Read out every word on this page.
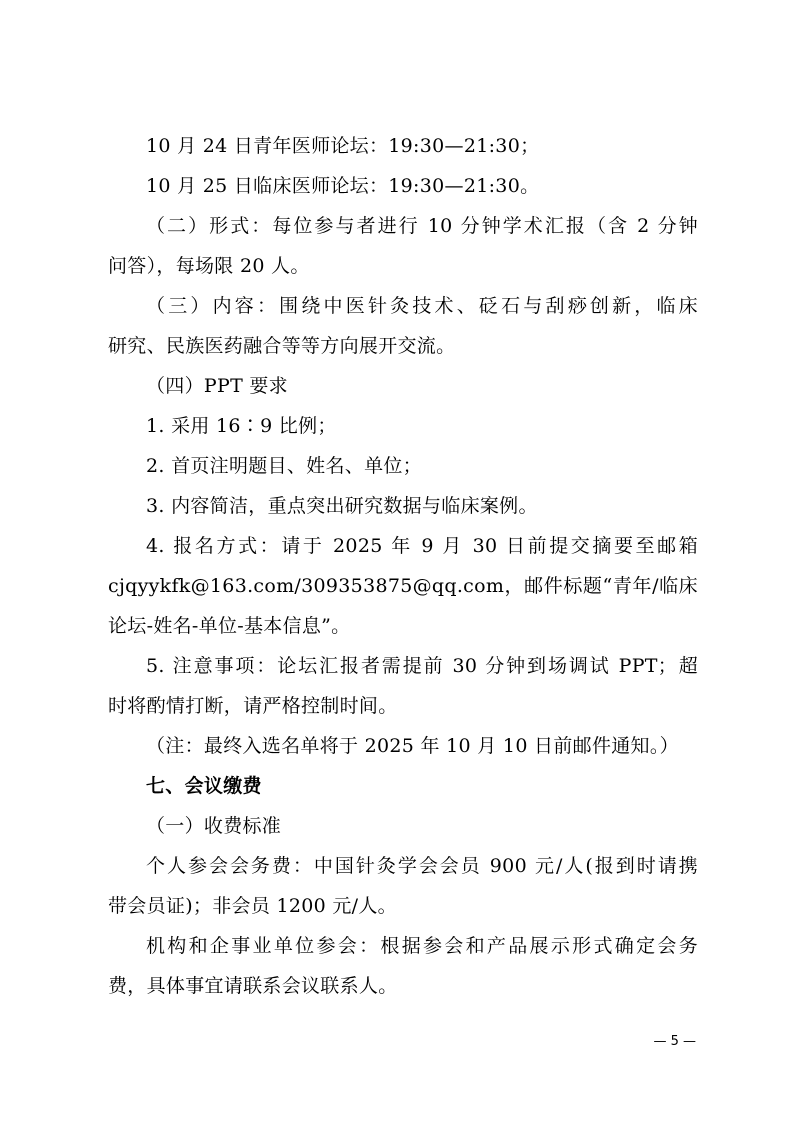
10 月 24 日青年医师论坛：19:30—21:30；
10 月 25 日临床医师论坛：19:30—21:30。
（二）形式：每位参与者进行 10 分钟学术汇报（含 2 分钟
问答），每场限 20 人。
（三）内容：围绕中医针灸技术、砭石与刮痧创新，临床
研究、民族医药融合等等方向展开交流。
（四）PPT 要求
1. 采用 16∶9 比例；
2. 首页注明题目、姓名、单位；
3. 内容简洁，重点突出研究数据与临床案例。
4. 报名方式：请于 2025 年 9 月 30 日前提交摘要至邮箱
cjqyykfk@163.com/309353875@qq.com，邮件标题“青年/临床
论坛-姓名-单位-基本信息”。
5. 注意事项：论坛汇报者需提前 30 分钟到场调试 PPT；超
时将酌情打断，请严格控制时间。
（注：最终入选名单将于 2025 年 10 月 10 日前邮件通知。）
七、会议缴费
（一）收费标准
个人参会会务费：中国针灸学会会员 900 元/人(报到时请携
带会员证)；非会员 1200 元/人。
机构和企事业单位参会：根据参会和产品展示形式确定会务
费，具体事宜请联系会议联系人。
— 5 —
